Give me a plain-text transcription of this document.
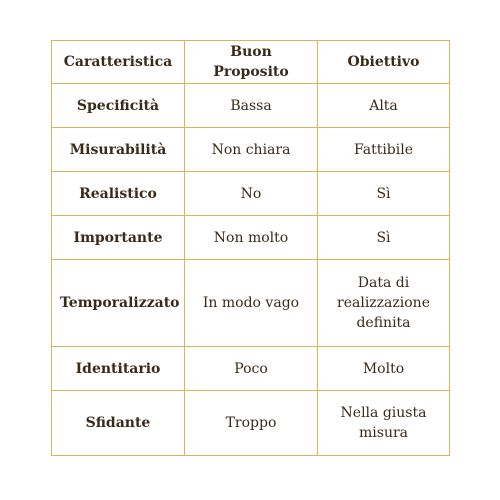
Caratteristica	Buon Proposito	Obiettivo
Specificità	Bassa	Alta
Misurabilità	Non chiara	Fattibile
Realistico	No	Sì
Importante	Non molto	Sì
Temporalizzato	In modo vago	Data di realizzazione definita
Identitario	Poco	Molto
Sfidante	Troppo	Nella giusta misura
